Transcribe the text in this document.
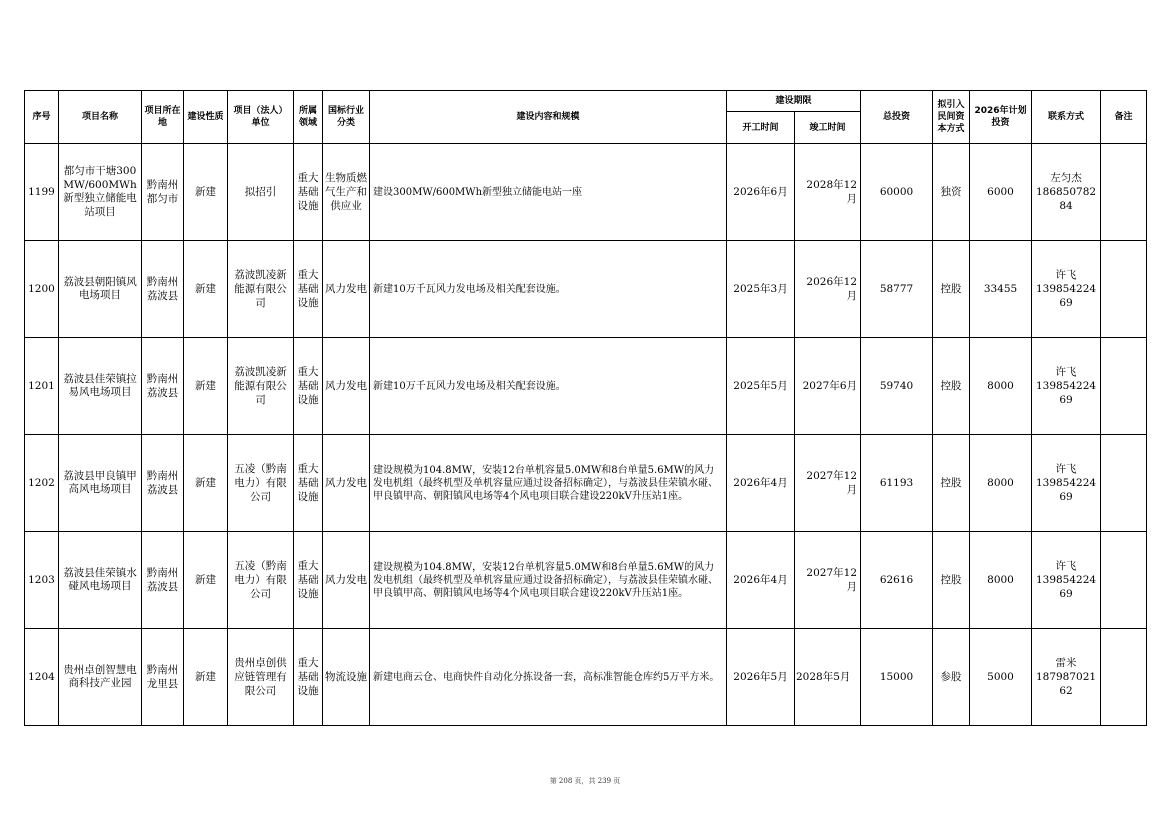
序号	项目名称	项目所在地	建设性质	项目（法人）单位	所属领域	国标行业分类	建设内容和规模	建设期限		总投资	拟引入民间资本方式	2026年计划投资	联系方式	备注
								开工时间	竣工时间					
1199	都匀市干塘300MW/600MWh新型独立储能电站项目	黔南州都匀市	新建	拟招引	重大基础设施	生物质燃气生产和供应业	建设300MW/600MWh新型独立储能电站一座	2026年6月	2028年12月	60000	独资	6000	左匀杰
18685078284	

1200	荔波县朝阳镇风电场项目	黔南州荔波县	新建	荔波凯凌新能源有限公司	重大基础设施	风力发电	新建10万千瓦风力发电场及相关配套设施。	2025年3月	2026年12月	58777	控股	33455	许飞
13985422469	

1201	荔波县佳荣镇拉易风电场项目	黔南州荔波县	新建	荔波凯凌新能源有限公司	重大基础设施	风力发电	新建10万千瓦风力发电场及相关配套设施。	2025年5月	2027年6月	59740	控股	8000	许飞
13985422469	

1202	荔波县甲良镇甲高风电场项目	黔南州荔波县	新建	五凌（黔南电力）有限公司	重大基础设施	风力发电	建设规模为104.8MW，安装12台单机容量5.0MW和8台单量5.6MW的风力发电机组（最终机型及单机容量应通过设备招标确定），与荔波县佳荣镇水碰、甲良镇甲高、朝阳镇风电场等4个风电项目联合建设220kV升压站1座。	2026年4月	2027年12月	61193	控股	8000	许飞
13985422469	

1203	荔波县佳荣镇水碰风电场项目	黔南州荔波县	新建	五凌（黔南电力）有限公司	重大基础设施	风力发电	建设规模为104.8MW，安装12台单机容量5.0MW和8台单量5.6MW的风力发电机组（最终机型及单机容量应通过设备招标确定），与荔波县佳荣镇水碰、甲良镇甲高、朝阳镇风电场等4个风电项目联合建设220kV升压站1座。	2026年4月	2027年12月	62616	控股	8000	许飞
13985422469	

1204	贵州卓创智慧电商科技产业园	黔南州龙里县	新建	贵州卓创供应链管理有限公司	重大基础设施	物流设施	新建电商云仓、电商快件自动化分拣设备一套，高标准智能仓库约5万平方米。	2026年5月	2028年5月	15000	参股	5000	雷米
18798702162	

第 208 页，共 239 页
